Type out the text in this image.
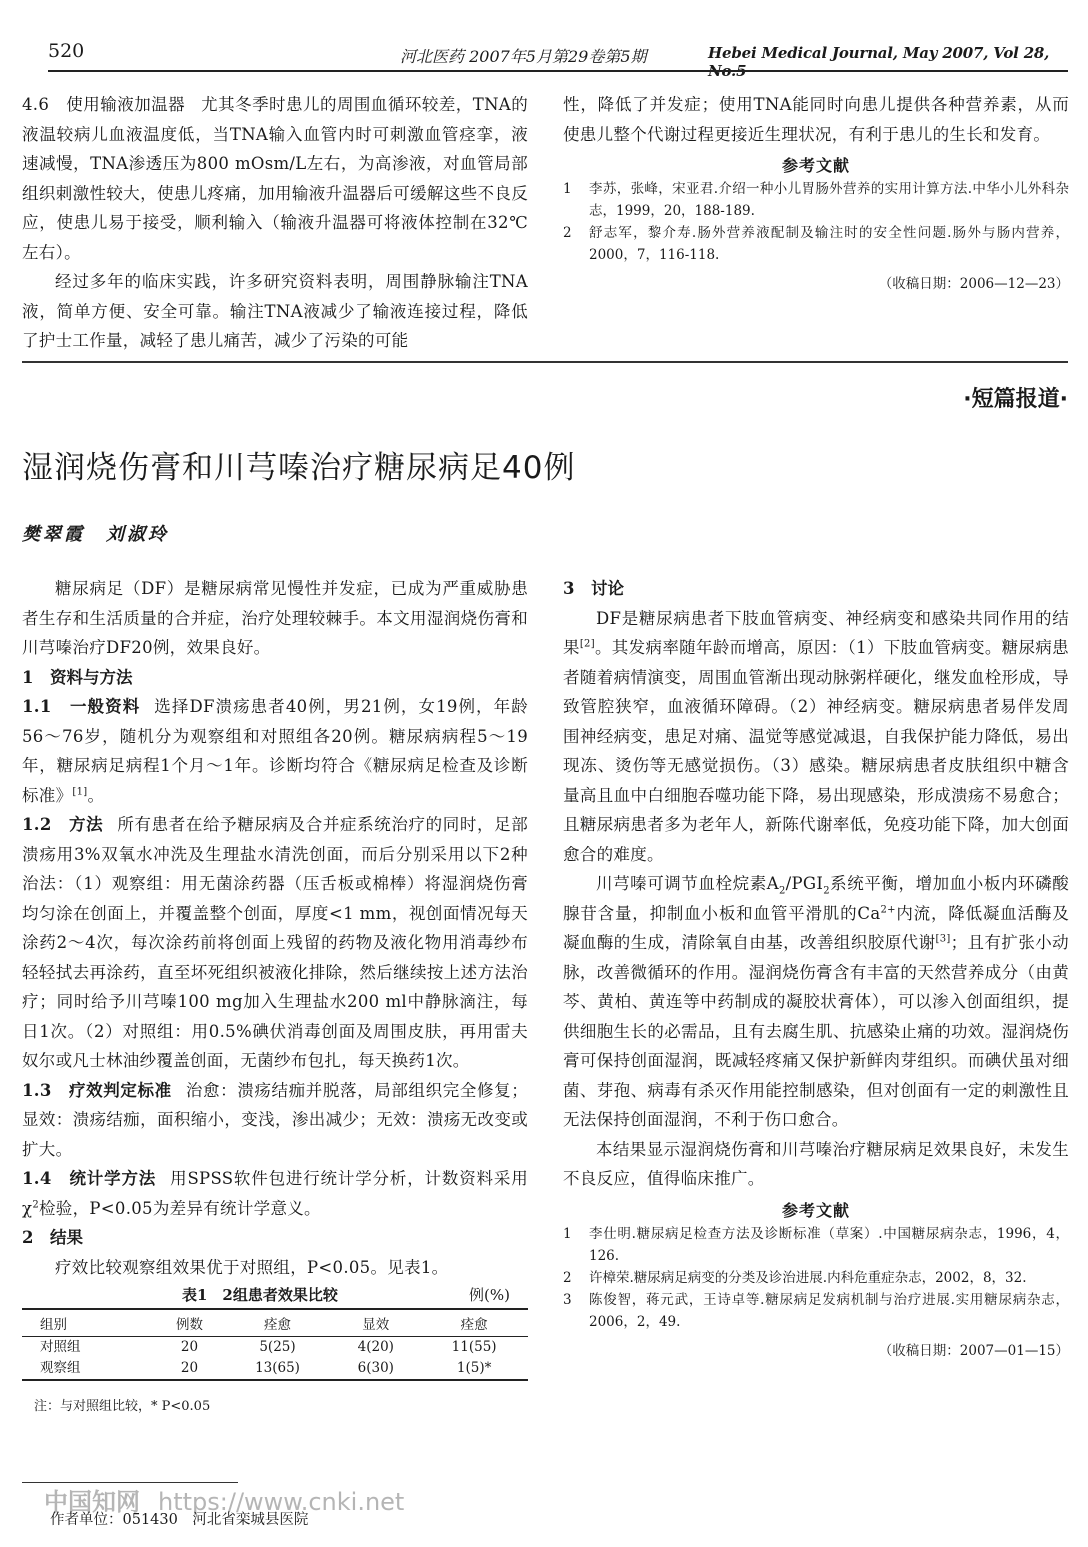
520	河北医药 2007年5月第29卷第5期	Hebei Medical Journal, May 2007, Vol 28, No.5

4.6　使用输液加温器 尤其冬季时患儿的周围血循环较差，TNA的液温较病儿血液温度低，当TNA输入血管内时可刺激血管痉挛，液速减慢，TNA渗透压为800 mOsm/L左右，为高渗液，对血管局部组织刺激性较大，使患儿疼痛，加用输液升温器后可缓解这些不良反应，使患儿易于接受，顺利输入（输液升温器可将液体控制在32℃左右）。

经过多年的临床实践，许多研究资料表明，周围静脉输注TNA液，简单方便、安全可靠。输注TNA液减少了输液连接过程，降低了护士工作量，减轻了患儿痛苦，减少了污染的可能

性，降低了并发症；使用TNA能同时向患儿提供各种营养素，从而使患儿整个代谢过程更接近生理状况，有利于患儿的生长和发育。

参考文献
1	李苏，张峰，宋亚君.介绍一种小儿胃肠外营养的实用计算方法.中华小儿外科杂志，1999，20，188-189.
2	舒志军，黎介寿.肠外营养液配制及输注时的安全性问题.肠外与肠内营养，2000，7，116-118.
（收稿日期：2006—12—23）
·短篇报道·
湿润烧伤膏和川芎嗪治疗糖尿病足40例
樊翠霞　刘淑玲

糖尿病足（DF）是糖尿病常见慢性并发症，已成为严重威胁患者生存和生活质量的合并症，治疗处理较棘手。本文用湿润烧伤膏和川芎嗪治疗DF20例，效果良好。

1　资料与方法

1.1　一般资料 选择DF溃疡患者40例，男21例，女19例，年龄56～76岁，随机分为观察组和对照组各20例。糖尿病病程5～19年，糖尿病足病程1个月～1年。诊断均符合《糖尿病足检查及诊断标准》[1]。

1.2　方法 所有患者在给予糖尿病及合并症系统治疗的同时，足部溃疡用3%双氧水冲洗及生理盐水清洗创面，而后分别采用以下2种治法：（1）观察组：用无菌涂药器（压舌板或棉棒）将湿润烧伤膏均匀涂在创面上，并覆盖整个创面，厚度<1 mm，视创面情况每天涂药2～4次，每次涂药前将创面上残留的药物及液化物用消毒纱布轻轻拭去再涂药，直至坏死组织被液化排除，然后继续按上述方法治疗；同时给予川芎嗪100 mg加入生理盐水200 ml中静脉滴注，每日1次。（2）对照组：用0.5%碘伏消毒创面及周围皮肤，再用雷夫奴尔或凡士林油纱覆盖创面，无菌纱布包扎，每天换药1次。

1.3　疗效判定标准 治愈：溃疡结痂并脱落，局部组织完全修复；显效：溃疡结痂，面积缩小，变浅，渗出减少；无效：溃疡无改变或扩大。

1.4　统计学方法 用SPSS软件包进行统计学分析，计数资料采用$\chi^2$检验，P<0.05为差异有统计学意义。

2　结果

疗效比较观察组效果优于对照组，P<0.05。见表1。

表1　2组患者效果比较	例(%)
组别	例数	痊愈	显效	痊愈
对照组	20	5(25)	4(20)	11(55)
观察组	20	13(65)	6(30)	1(5)*
注：与对照组比较，* P<0.05

3　讨论

DF是糖尿病患者下肢血管病变、神经病变和感染共同作用的结果[2]。其发病率随年龄而增高，原因：（1）下肢血管病变。糖尿病患者随着病情演变，周围血管渐出现动脉粥样硬化，继发血栓形成，导致管腔狭窄，血液循环障碍。（2）神经病变。糖尿病患者易伴发周围神经病变，患足对痛、温觉等感觉减退，自我保护能力降低，易出现冻、烫伤等无感觉损伤。（3）感染。糖尿病患者皮肤组织中糖含量高且血中白细胞吞噬功能下降，易出现感染，形成溃疡不易愈合；且糖尿病患者多为老年人，新陈代谢率低，免疫功能下降，加大创面愈合的难度。

川芎嗪可调节血栓烷素$A_2/PGI_2$系统平衡，增加血小板内环磷酸腺苷含量，抑制血小板和血管平滑肌的$Ca^{2+}$内流，降低凝血活酶及凝血酶的生成，清除氧自由基，改善组织胶原代谢[3]；且有扩张小动脉，改善微循环的作用。湿润烧伤膏含有丰富的天然营养成分（由黄芩、黄柏、黄连等中药制成的凝胶状膏体），可以渗入创面组织，提供细胞生长的必需品，且有去腐生肌、抗感染止痛的功效。湿润烧伤膏可保持创面湿润，既减轻疼痛又保护新鲜肉芽组织。而碘伏虽对细菌、芽孢、病毒有杀灭作用能控制感染，但对创面有一定的刺激性且无法保持创面湿润，不利于伤口愈合。

本结果显示湿润烧伤膏和川芎嗪治疗糖尿病足效果良好，未发生不良反应，值得临床推广。

参考文献
1	李仕明.糖尿病足检查方法及诊断标准（草案）.中国糖尿病杂志，1996，4，126.
2	许樟荣.糖尿病足病变的分类及诊治进展.内科危重症杂志，2002，8，32.
3	陈俊智，蒋元武，王诗卓等.糖尿病足发病机制与治疗进展.实用糖尿病杂志，2006，2，49.
（收稿日期：2007—01—15）
中国知网 https://www.cnki.net
作者单位：051430　河北省栾城县医院
